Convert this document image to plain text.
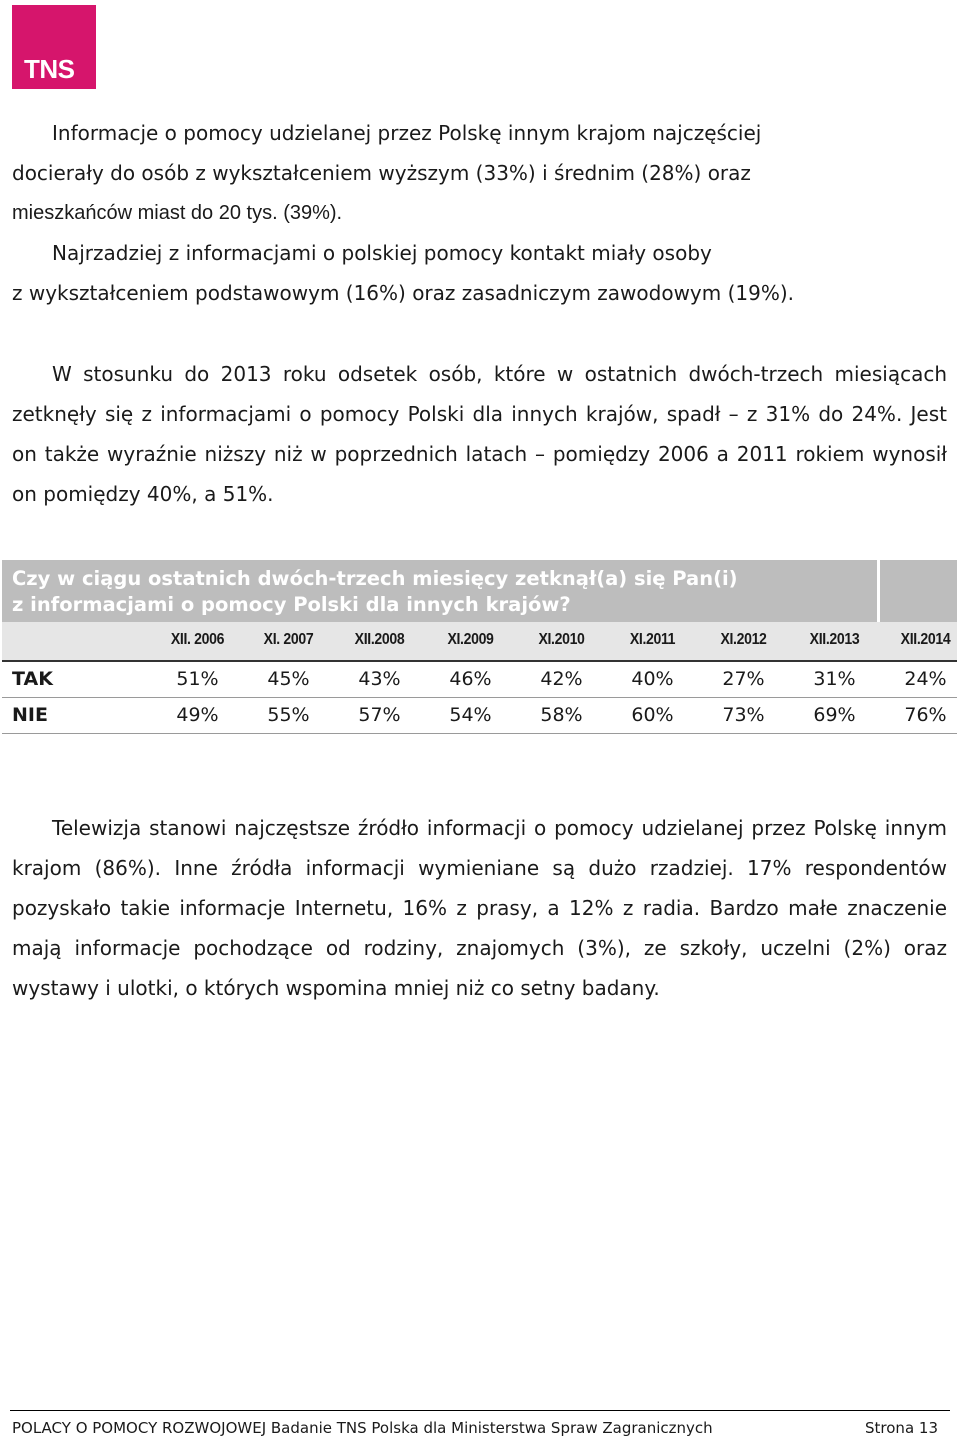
TNS
Informacje o pomocy udzielanej przez Polskę innym krajom najczęściej
docierały do osób z wykształceniem wyższym (33%) i średnim (28%) oraz
mieszkańców miast do 20 tys. (39%).
Najrzadziej z informacjami o polskiej pomocy kontakt miały osoby
z wykształceniem podstawowym (16%) oraz zasadniczym zawodowym (19%).

W stosunku do 2013 roku odsetek osób, które w ostatnich dwóch-trzech miesiącach zetknęły się z informacjami o pomocy Polski dla innych krajów, spadł – z 31% do 24%. Jest on także wyraźnie niższy niż w poprzednich latach – pomiędzy 2006 a 2011 rokiem wynosił on pomiędzy 40%, a 51%.

Czy w ciągu ostatnich dwóch-trzech miesięcy zetknął(a) się Pan(i)
z informacjami o pomocy Polski dla innych krajów?

XII. 2006	XI. 2007	XII.2008	XI.2009	XI.2010	XI.2011	XI.2012	XII.2013	XII.2014
TAK	51%	45%	43%	46%	42%	40%	27%	31%	24%
NIE	49%	55%	57%	54%	58%	60%	73%	69%	76%

Telewizja stanowi najczęstsze źródło informacji o pomocy udzielanej przez Polskę innym krajom (86%). Inne źródła informacji wymieniane są dużo rzadziej. 17% respondentów pozyskało takie informacje Internetu, 16% z prasy, a 12% z radia. Bardzo małe znaczenie mają informacje pochodzące od rodziny, znajomych (3%), ze szkoły, uczelni (2%) oraz wystawy i ulotki, o których wspomina mniej niż co setny badany.

POLACY O POMOCY ROZWOJOWEJ Badanie TNS Polska dla Ministerstwa Spraw Zagranicznych	Strona 13
